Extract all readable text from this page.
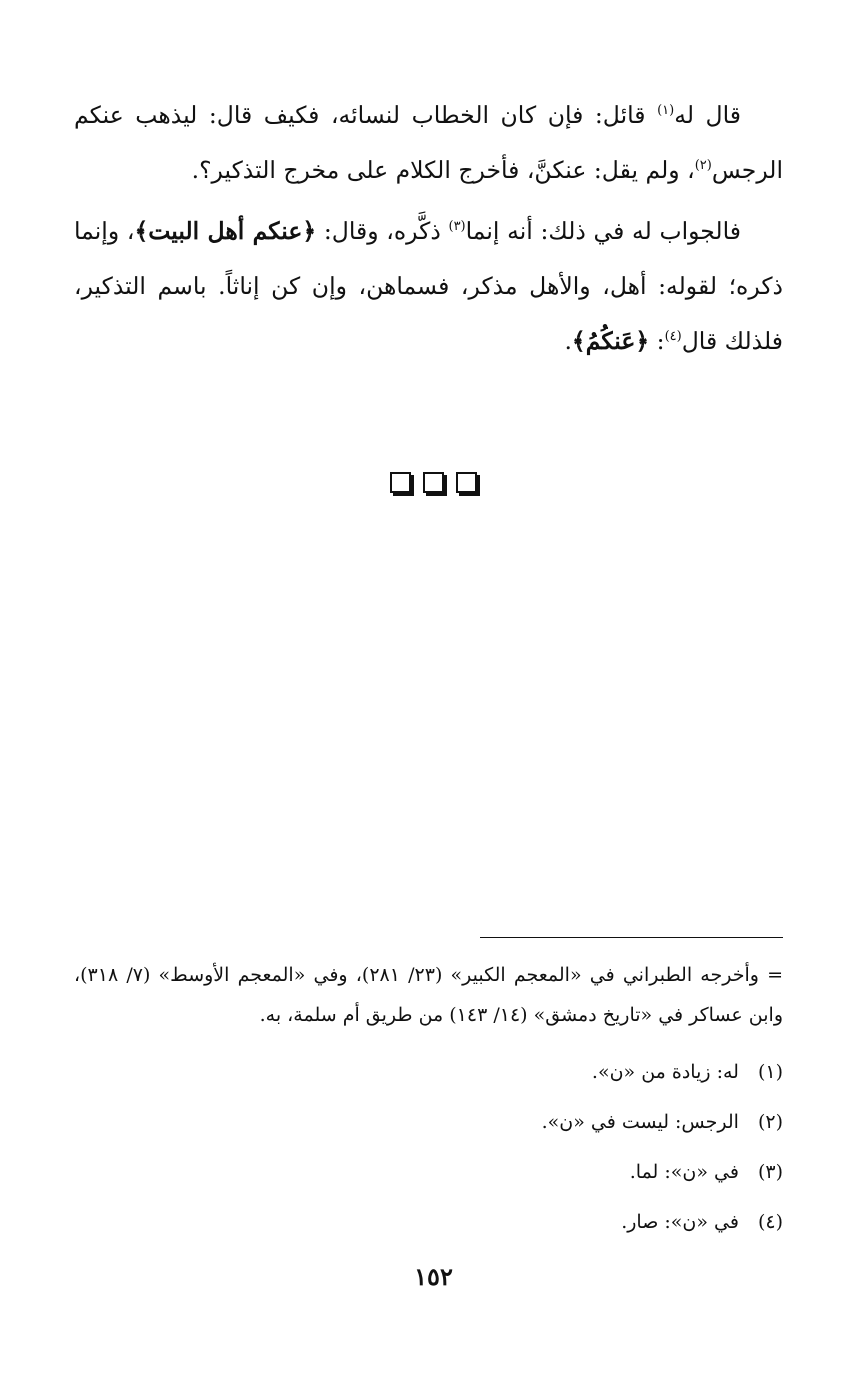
قال له$^{(١)}$ قائل: فإن كان الخطاب لنسائه، فكيف قال: ليذهب عنكم الرجس$^{(٢)}$، ولم يقل: عنكنَّ، فأخرج الكلام على مخرج التذكير؟.

فالجواب له في ذلك: أنه إنما$^{(٣)}$ ذكَّره، وقال: ﴿عنكم أهل البيت﴾، وإنما ذكره؛ لقوله: أهل، والأهل مذكر، فسماهن، وإن كن إناثاً. باسم التذكير، فلذلك قال$^{(٤)}$: ﴿عَنكُمُ﴾.

= وأخرجه الطبراني في «المعجم الكبير» (٢٣/ ٢٨١)، وفي «المعجم الأوسط» (٧/ ٣١٨)، وابن عساكر في «تاريخ دمشق» (١٤/ ١٤٣) من طريق أم سلمة، به.
(١) له: زيادة من «ن».
(٢) الرجس: ليست في «ن».
(٣) في «ن»: لما.
(٤) في «ن»: صار.
١٥٢
